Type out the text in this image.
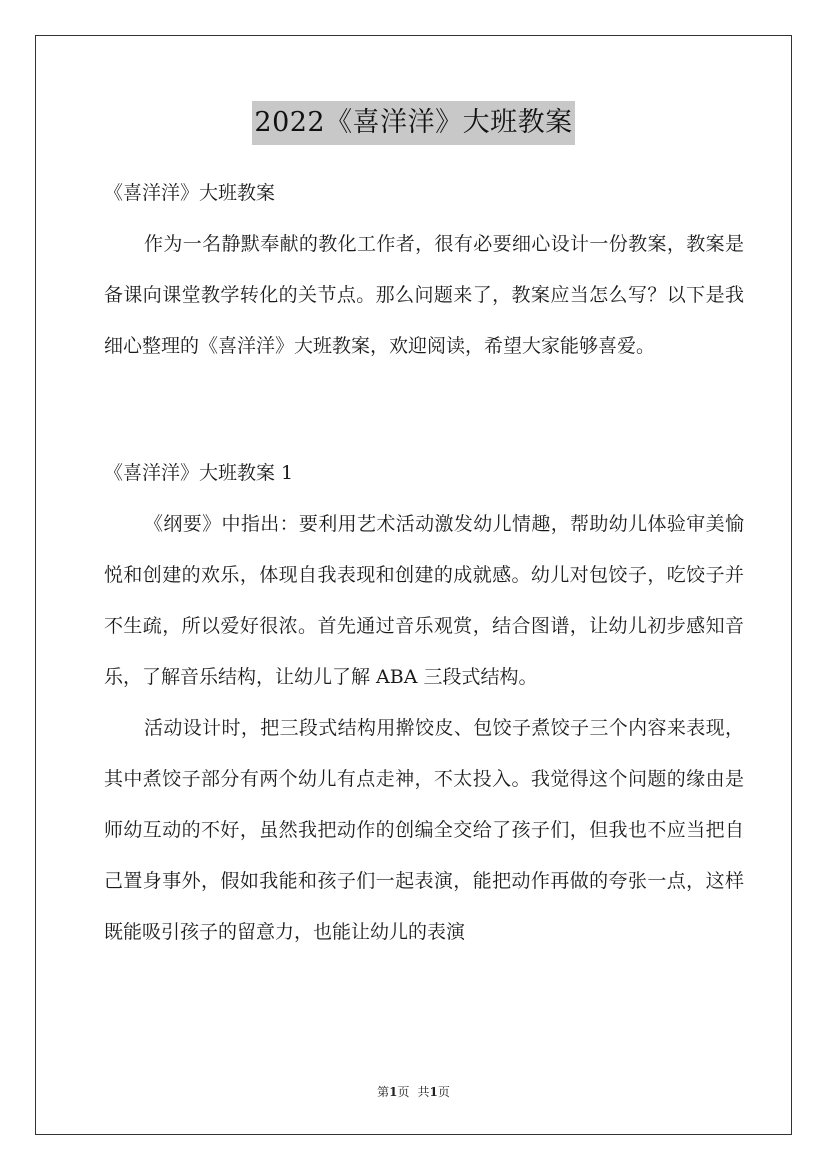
2022《喜洋洋》大班教案

《喜洋洋》大班教案

作为一名静默奉献的教化工作者，很有必要细心设计一份教案，教案是备课向课堂教学转化的关节点。那么问题来了，教案应当怎么写？以下是我细心整理的《喜洋洋》大班教案，欢迎阅读，希望大家能够喜爱。

《喜洋洋》大班教案 1

《纲要》中指出：要利用艺术活动激发幼儿情趣，帮助幼儿体验审美愉悦和创建的欢乐，体现自我表现和创建的成就感。幼儿对包饺子，吃饺子并不生疏，所以爱好很浓。首先通过音乐观赏，结合图谱，让幼儿初步感知音乐，了解音乐结构，让幼儿了解 ABA 三段式结构。

活动设计时，把三段式结构用擀饺皮、包饺子煮饺子三个内容来表现，其中煮饺子部分有两个幼儿有点走神，不太投入。我觉得这个问题的缘由是师幼互动的不好，虽然我把动作的创编全交给了孩子们，但我也不应当把自己置身事外，假如我能和孩子们一起表演，能把动作再做的夸张一点，这样既能吸引孩子的留意力，也能让幼儿的表演

第1页 共1页
